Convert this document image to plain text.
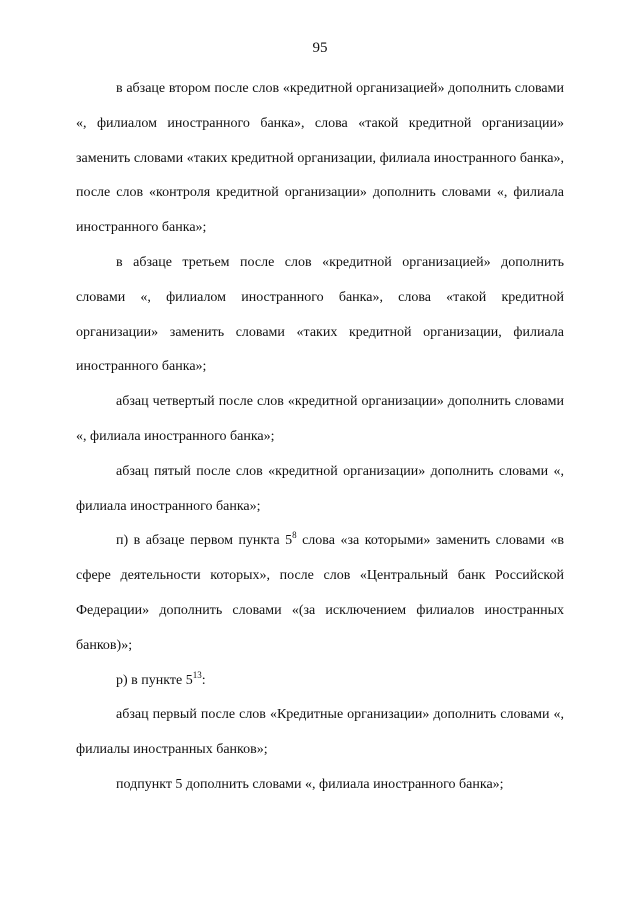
95

в абзаце втором после слов «кредитной организацией» дополнить словами «, филиалом иностранного банка», слова «такой кредитной организации» заменить словами «таких кредитной организации, филиала иностранного банка», после слов «контроля кредитной организации» дополнить словами «, филиала иностранного банка»;

в абзаце третьем после слов «кредитной организацией» дополнить словами «, филиалом иностранного банка», слова «такой кредитной организации» заменить словами «таких кредитной организации, филиала иностранного банка»;

абзац четвертый после слов «кредитной организации» дополнить словами «, филиала иностранного банка»;

абзац пятый после слов «кредитной организации» дополнить словами «, филиала иностранного банка»;

п) в абзаце первом пункта $5^8$ слова «за которыми» заменить словами «в сфере деятельности которых», после слов «Центральный банк Российской Федерации» дополнить словами «(за исключением филиалов иностранных банков)»;

р) в пункте $5^{13}$:

абзац первый после слов «Кредитные организации» дополнить словами «, филиалы иностранных банков»;

подпункт 5 дополнить словами «, филиала иностранного банка»;
